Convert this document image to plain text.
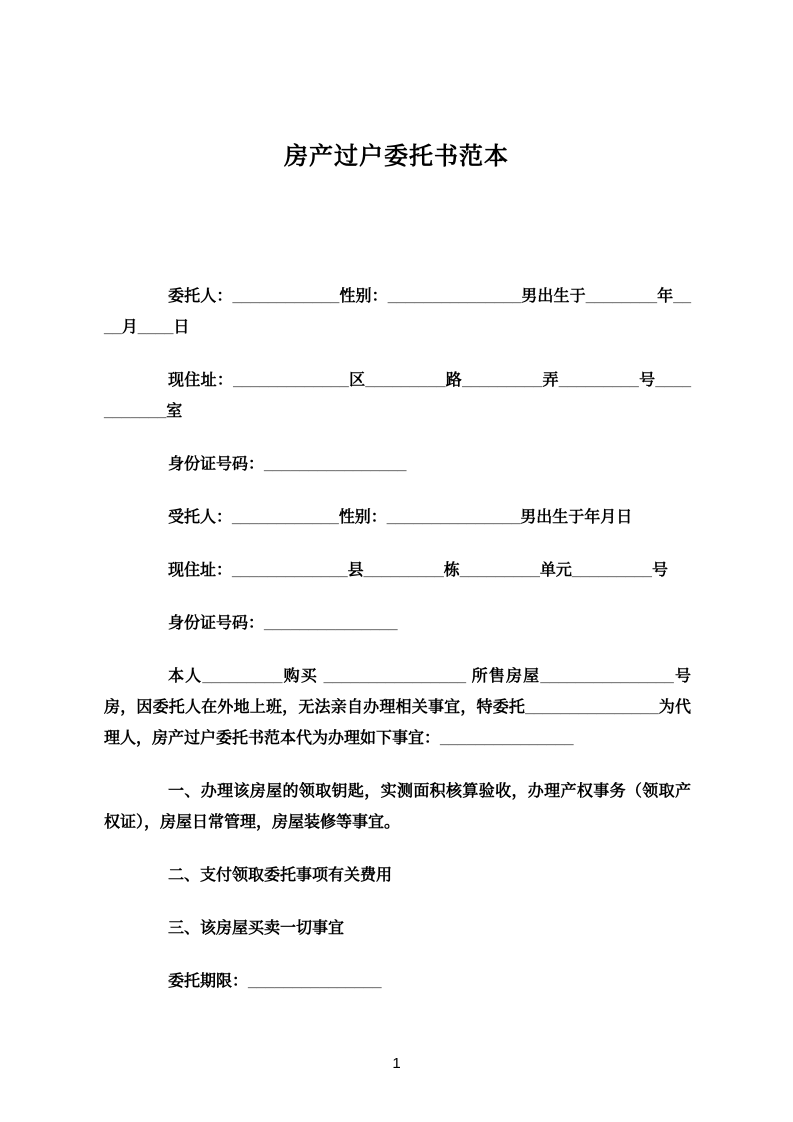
房产过户委托书范本

委托人：____________性别：_______________男出生于________年____月____日

现住址：_____________区_________路_________弄_________号___________室

身份证号码：________________

受托人：____________性别：_______________男出生于年月日

现住址：_____________县_________栋_________单元_________号

身份证号码：_______________

本人_________购买 ________________ 所售房屋_______________号 房，因委托人在外地上班，无法亲自办理相关事宜，特委托_______________为代理人，房产过户委托书范本代为办理如下事宜：_______________

一、办理该房屋的领取钥匙，实测面积核算验收，办理产权事务（领取产权证），房屋日常管理，房屋装修等事宜。

二、支付领取委托事项有关费用

三、该房屋买卖一切事宜

委托期限：_______________

1
